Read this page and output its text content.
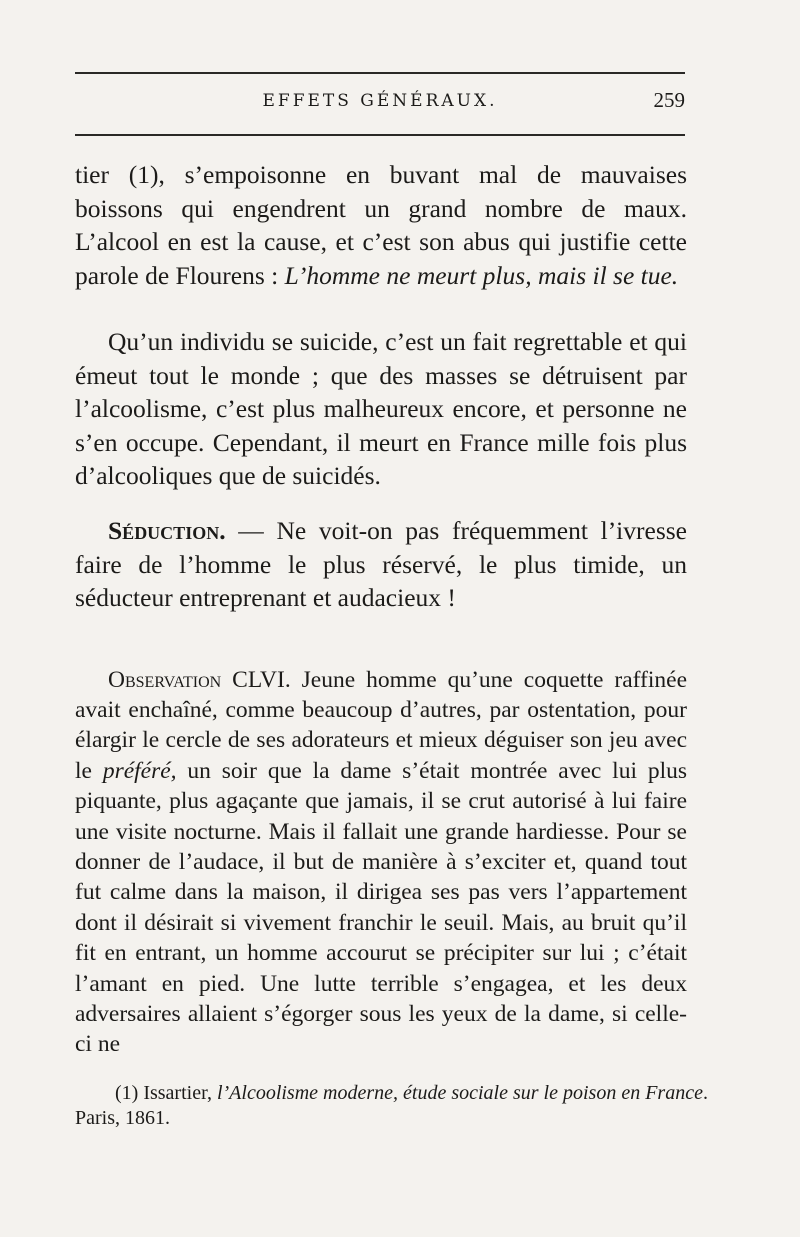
EFFETS GÉNÉRAUX.	259

tier (1), s’empoisonne en buvant mal de mauvaises boissons qui engendrent un grand nombre de maux. L’alcool en est la cause, et c’est son abus qui justifie cette parole de Flourens : L’homme ne meurt plus, mais il se tue.

Qu’un individu se suicide, c’est un fait regrettable et qui émeut tout le monde ; que des masses se détruisent par l’alcoolisme, c’est plus malheureux encore, et personne ne s’en occupe. Cependant, il meurt en France mille fois plus d’alcooliques que de suicidés.

Séduction. — Ne voit-on pas fréquemment l’ivresse faire de l’homme le plus réservé, le plus timide, un séducteur entreprenant et audacieux !

Observation CLVI. Jeune homme qu’une coquette raffinée avait enchaîné, comme beaucoup d’autres, par ostentation, pour élargir le cercle de ses adorateurs et mieux déguiser son jeu avec le préféré, un soir que la dame s’était montrée avec lui plus piquante, plus agaçante que jamais, il se crut autorisé à lui faire une visite nocturne. Mais il fallait une grande hardiesse. Pour se donner de l’audace, il but de manière à s’exciter et, quand tout fut calme dans la maison, il dirigea ses pas vers l’appartement dont il désirait si vivement franchir le seuil. Mais, au bruit qu’il fit en entrant, un homme accourut se précipiter sur lui ; c’était l’amant en pied. Une lutte terrible s’engagea, et les deux adversaires allaient s’égorger sous les yeux de la dame, si celle-ci ne

(1) Issartier, l’Alcoolisme moderne, étude sociale sur le poison en France. Paris, 1861.
